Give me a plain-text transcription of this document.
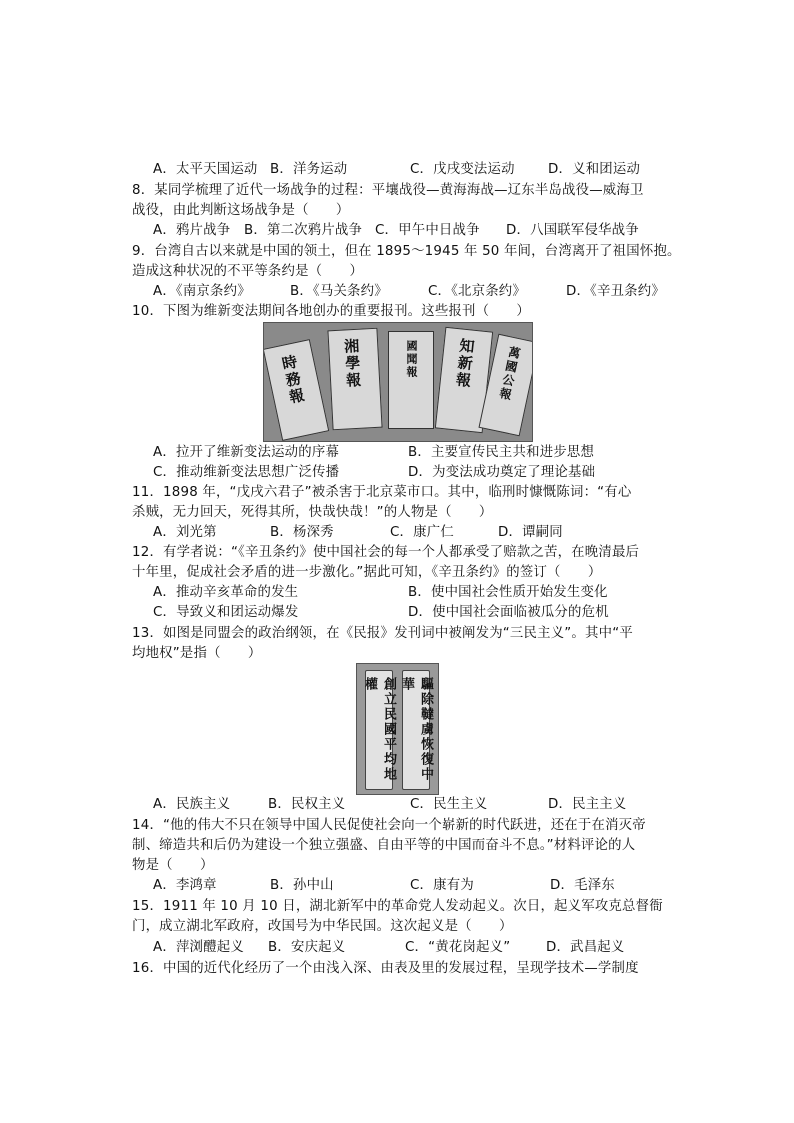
A．太平天国运动 B．洋务运动	C．戊戌变法运动 D．义和团运动
8．某同学梳理了近代一场战争的过程：平壤战役—黄海海战—辽东半岛战役—威海卫
战役，由此判断这场战争是（　　）
A．鸦片战争 B．第二次鸦片战争 C．甲午中日战争 D．八国联军侵华战争
9．台湾自古以来就是中国的领土，但在 1895～1945 年 50 年间，台湾离开了祖国怀抱。
造成这种状况的不平等条约是（　　）
A．《南京条约》	B．《马关条约》	C．《北京条约》	D．《辛丑条约》
10．下图为维新变法期间各地创办的重要报刊。这些报刊（　　）
時務報 湘學報	國聞報 知新報 萬國公報
A．拉开了维新变法运动的序幕	B．主要宣传民主共和进步思想
C．推动维新变法思想广泛传播	D．为变法成功奠定了理论基础
11．1898 年，“戊戌六君子”被杀害于北京菜市口。其中，临刑时慷慨陈词：“有心
杀贼，无力回天，死得其所，快哉快哉！”的人物是（　　）
A．刘光第	B．杨深秀	C．康广仁	D．谭嗣同
12．有学者说：“《辛丑条约》使中国社会的每一个人都承受了赔款之苦，在晚清最后
十年里，促成社会矛盾的进一步激化。”据此可知，《辛丑条约》的签订（　　）
A．推动辛亥革命的发生	B．使中国社会性质开始发生变化
C．导致义和团运动爆发	D．使中国社会面临被瓜分的危机
13．如图是同盟会的政治纲领，在《民报》发刊词中被阐发为“三民主义”。其中“平
均地权”是指（　　）
創立民國平均地權	驅除韃虜恢復中華
A．民族主义	B．民权主义	C．民生主义	D．民主主义
14．“他的伟大不只在领导中国人民促使社会向一个崭新的时代跃进，还在于在消灭帝
制、缔造共和后仍为建设一个独立强盛、自由平等的中国而奋斗不息。”材料评论的人
物是（　　）
A．李鸿章	B．孙中山	C．康有为	D．毛泽东
15．1911 年 10 月 10 日，湖北新军中的革命党人发动起义。次日，起义军攻克总督衙
门，成立湖北军政府，改国号为中华民国。这次起义是（　　）
A．萍浏醴起义 B．安庆起义	C．“黄花岗起义”	D．武昌起义
16．中国的近代化经历了一个由浅入深、由表及里的发展过程，呈现学技术—学制度
